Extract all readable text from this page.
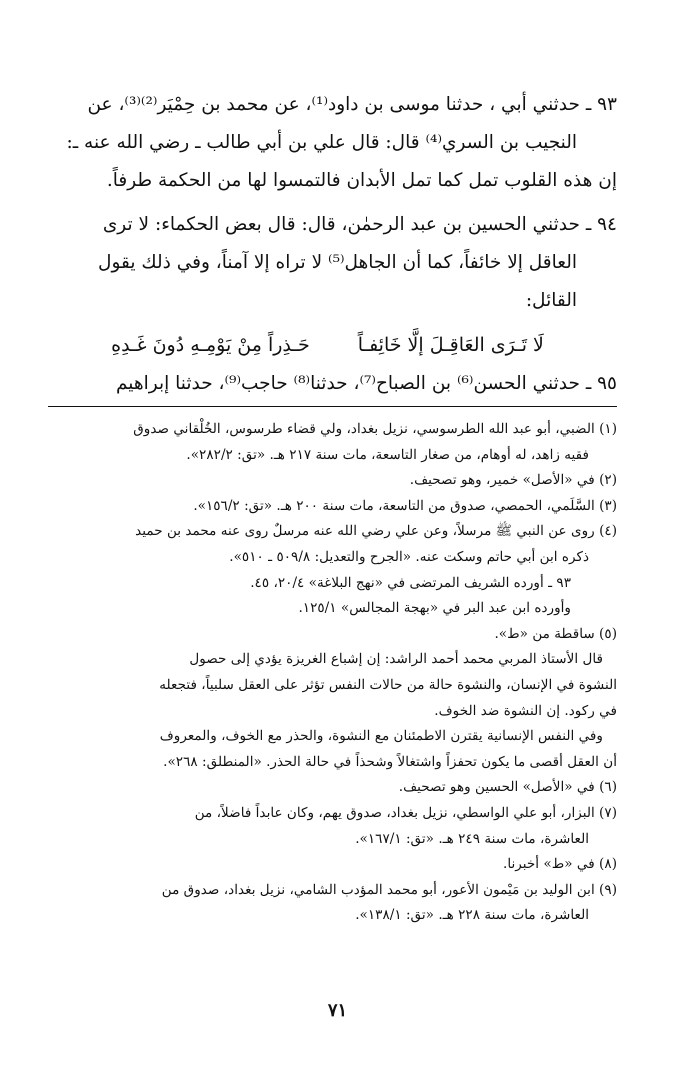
٩٣ ـ حدثني أبي ، حدثنا موسى بن داود⁽¹⁾، عن محمد بن حِمْيَر⁽²⁾⁽³⁾، عن
النجيب بن السري⁽⁴⁾ قال: قال علي بن أبي طالب ـ رضي الله عنه ـ:
إن هذه القلوب تمل كما تمل الأبدان فالتمسوا لها من الحكمة طرفاً.
٩٤ ـ حدثني الحسين بن عبد الرحمٰن، قال: قال بعض الحكماء: لا ترى
العاقل إلا خائفاً، كما أن الجاهل⁽⁵⁾ لا تراه إلا آمناً، وفي ذلك يقول
القائل:
لَا تَـرَى العَاقِـلَ إلَّا خَائِفـاً
حَـذِراً مِنْ يَوْمِـهِ دُونَ غَـدِهِ
٩٥ ـ حدثني الحسن⁽⁶⁾ بن الصباح⁽⁷⁾، حدثنا⁽⁸⁾ حاجب⁽⁹⁾، حدثنا إبراهيم

(١) الضبي، أبو عبد الله الطرسوسي، نزيل بغداد، ولي قضاء طرسوس، الخُلْقاني صدوق
فقيه زاهد، له أوهام، من صغار التاسعة، مات سنة ٢١٧ هـ. «تق: ٢٨٢/٢».

(٢) في «الأصل» خمير، وهو تصحيف.

(٣) السَّلَمي، الحمصي، صدوق من التاسعة، مات سنة ٢٠٠ هـ. «تق: ١٥٦/٢».

(٤) روى عن النبي ﷺ مرسلاً، وعن علي رضي الله عنه مرسلٌ روى عنه محمد بن حميد
ذكره ابن أبي حاتم وسكت عنه. «الجرح والتعديل: ٥٠٩/٨ ـ ٥١٠».

٩٣ ـ أورده الشريف المرتضى في «نهج البلاغة» ٢٠/٤، ٤٥.

وأورده ابن عبد البر في «بهجة المجالس» ١٢٥/١.

(٥) ساقطة من «ط».

قال الأستاذ المربي محمد أحمد الراشد: إن إشباع الغريزة يؤدي إلى حصول

النشوة في الإنسان، والنشوة حالة من حالات النفس تؤثر على العقل سلبياً، فتجعله

في ركود. إن النشوة ضد الخوف.

وفي النفس الإنسانية يقترن الاطمئنان مع النشوة، والحذر مع الخوف، والمعروف

أن العقل أقصى ما يكون تحفزاً واشتغالاً وشحذاً في حالة الحذر. «المنطلق: ٢٦٨».

(٦) في «الأصل» الحسين وهو تصحيف.

(٧) البزار، أبو علي الواسطي، نزيل بغداد، صدوق يهم، وكان عابداً فاضلاً، من
العاشرة، مات سنة ٢٤٩ هـ. «تق: ١٦٧/١».

(٨) في «ط» أخبرنا.

(٩) ابن الوليد بن مَيْمون الأعور، أبو محمد المؤدب الشامي، نزيل بغداد، صدوق من
العاشرة، مات سنة ٢٢٨ هـ. «تق: ١٣٨/١».

٧١
